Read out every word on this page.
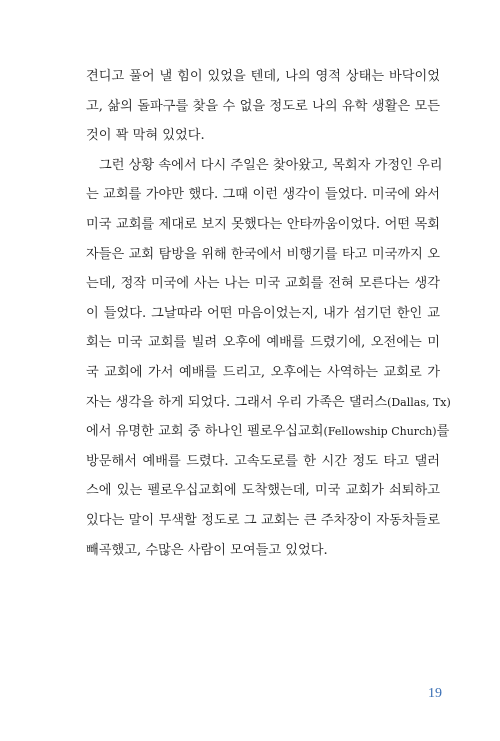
견디고 풀어 낼 힘이 있었을 텐데, 나의 영적 상태는 바닥이었
고, 삶의 돌파구를 찾을 수 없을 정도로 나의 유학 생활은 모든
것이 꽉 막혀 있었다.
그런 상황 속에서 다시 주일은 찾아왔고, 목회자 가정인 우리
는 교회를 가야만 했다. 그때 이런 생각이 들었다. 미국에 와서
미국 교회를 제대로 보지 못했다는 안타까움이었다. 어떤 목회
자들은 교회 탐방을 위해 한국에서 비행기를 타고 미국까지 오
는데, 정작 미국에 사는 나는 미국 교회를 전혀 모른다는 생각
이 들었다. 그날따라 어떤 마음이었는지, 내가 섬기던 한인 교
회는 미국 교회를 빌려 오후에 예배를 드렸기에, 오전에는 미
국 교회에 가서 예배를 드리고, 오후에는 사역하는 교회로 가
자는 생각을 하게 되었다. 그래서 우리 가족은 댈러스(Dallas, Tx)
에서 유명한 교회 중 하나인 펠로우십교회(Fellowship Church)를
방문해서 예배를 드렸다. 고속도로를 한 시간 정도 타고 댈러
스에 있는 펠로우십교회에 도착했는데, 미국 교회가 쇠퇴하고
있다는 말이 무색할 정도로 그 교회는 큰 주차장이 자동차들로
빼곡했고, 수많은 사람이 모여들고 있었다.
19
